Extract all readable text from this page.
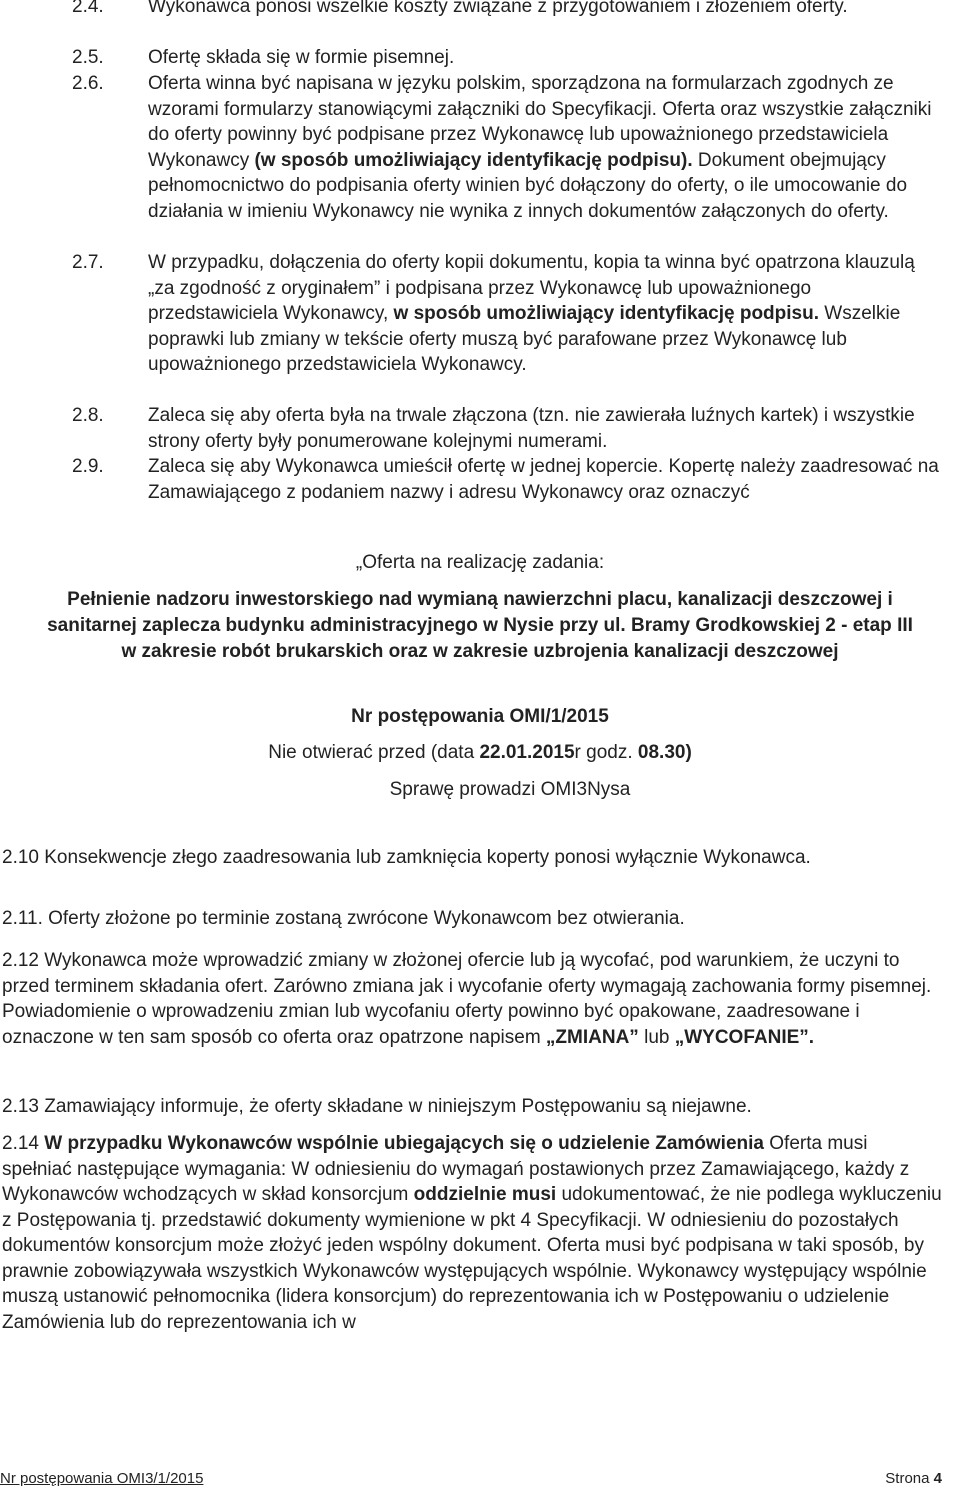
2.4. Wykonawca ponosi wszelkie koszty związane z przygotowaniem i złożeniem oferty.
2.5. Ofertę składa się w formie pisemnej.
2.6. Oferta winna być napisana w języku polskim, sporządzona na formularzach zgodnych ze wzorami formularzy stanowiącymi załączniki do Specyfikacji. Oferta oraz wszystkie załączniki do oferty powinny być podpisane przez Wykonawcę lub upoważnionego przedstawiciela Wykonawcy (w sposób umożliwiający identyfikację podpisu). Dokument obejmujący pełnomocnictwo do podpisania oferty winien być dołączony do oferty, o ile umocowanie do działania w imieniu Wykonawcy nie wynika z innych dokumentów załączonych do oferty.
2.7. W przypadku, dołączenia do oferty kopii dokumentu, kopia ta winna być opatrzona klauzulą „za zgodność z oryginałem” i podpisana przez Wykonawcę lub upoważnionego przedstawiciela Wykonawcy, w sposób umożliwiający identyfikację podpisu. Wszelkie poprawki lub zmiany w tekście oferty muszą być parafowane przez Wykonawcę lub upoważnionego przedstawiciela Wykonawcy.
2.8. Zaleca się aby oferta była na trwale złączona (tzn. nie zawierała luźnych kartek) i wszystkie strony oferty były ponumerowane kolejnymi numerami.
2.9. Zaleca się aby Wykonawca umieścił ofertę w jednej kopercie. Kopertę należy zaadresować na Zamawiającego z podaniem nazwy i adresu Wykonawcy oraz oznaczyć
„Oferta na realizację zadania:
Pełnienie nadzoru inwestorskiego nad wymianą nawierzchni placu, kanalizacji deszczowej i sanitarnej zaplecza budynku administracyjnego w Nysie przy ul. Bramy Grodkowskiej 2 - etap III w zakresie robót brukarskich oraz w zakresie uzbrojenia kanalizacji deszczowej
Nr postępowania OMI/1/2015
Nie otwierać przed (data 22.01.2015r godz. 08.30)
Sprawę prowadzi OMI3Nysa
2.10 Konsekwencje złego zaadresowania lub zamknięcia koperty ponosi wyłącznie Wykonawca.
2.11. Oferty złożone po terminie zostaną zwrócone Wykonawcom bez otwierania.
2.12 Wykonawca może wprowadzić zmiany w złożonej ofercie lub ją wycofać, pod warunkiem, że uczyni to przed terminem składania ofert. Zarówno zmiana jak i wycofanie oferty wymagają zachowania formy pisemnej. Powiadomienie o wprowadzeniu zmian lub wycofaniu oferty powinno być opakowane, zaadresowane i oznaczone w ten sam sposób co oferta oraz opatrzone napisem „ZMIANA” lub „WYCOFANIE”.
2.13 Zamawiający informuje, że oferty składane w niniejszym Postępowaniu są niejawne.
2.14 W przypadku Wykonawców wspólnie ubiegających się o udzielenie Zamówienia Oferta musi spełniać następujące wymagania: W odniesieniu do wymagań postawionych przez Zamawiającego, każdy z Wykonawców wchodzących w skład konsorcjum oddzielnie musi udokumentować, że nie podlega wykluczeniu z Postępowania tj. przedstawić dokumenty wymienione w pkt 4 Specyfikacji. W odniesieniu do pozostałych dokumentów konsorcjum może złożyć jeden wspólny dokument. Oferta musi być podpisana w taki sposób, by prawnie zobowiązywała wszystkich Wykonawców występujących wspólnie. Wykonawcy występujący wspólnie muszą ustanowić pełnomocnika (lidera konsorcjum) do reprezentowania ich w Postępowaniu o udzielenie Zamówienia lub do reprezentowania ich w
Nr postępowania OMI3/1/2015	Strona 4
